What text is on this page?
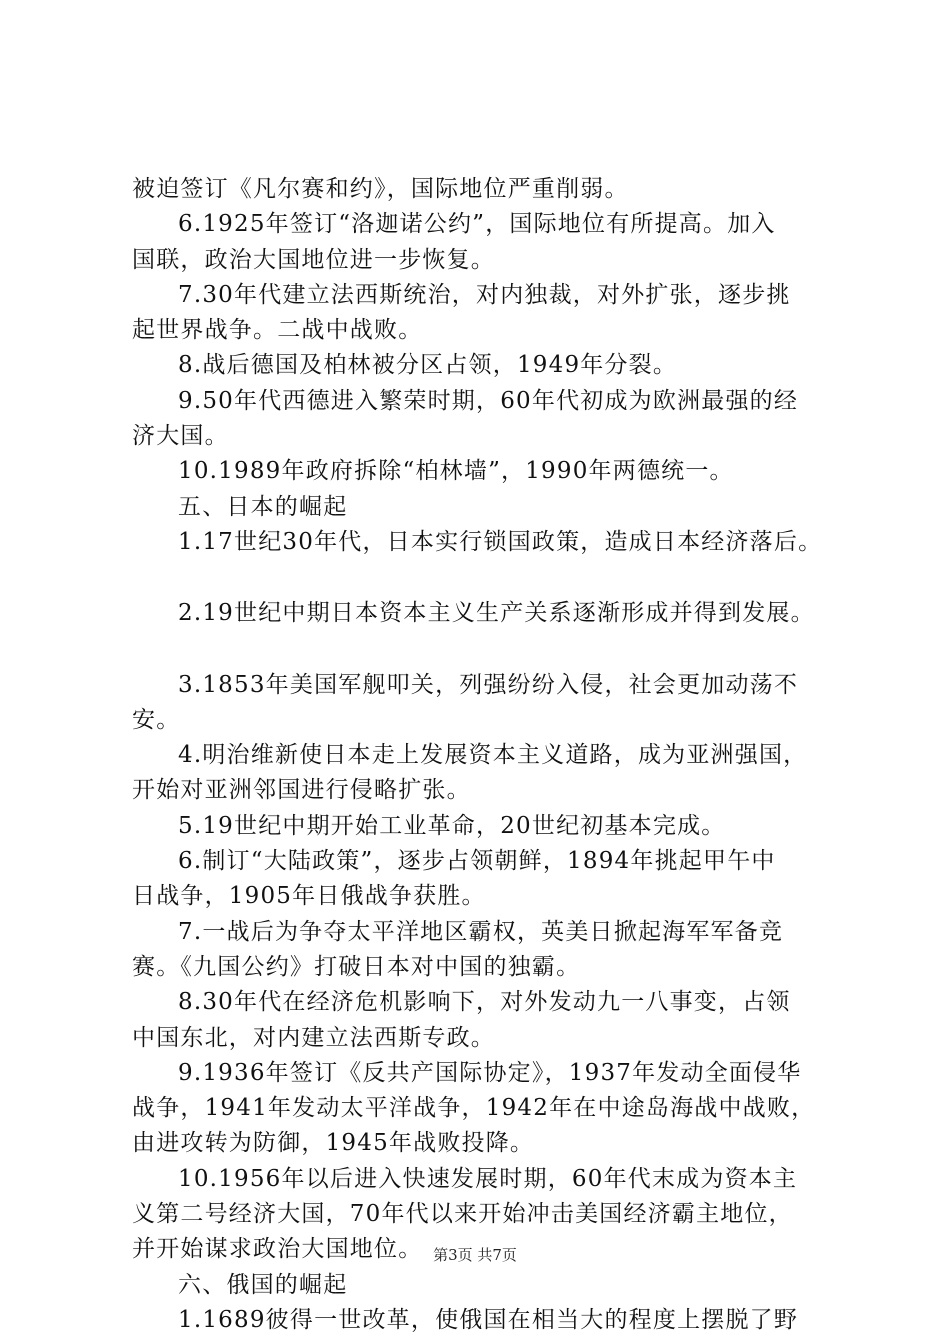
被迫签订《凡尔赛和约》，国际地位严重削弱。
6.1925年签订“洛迦诺公约”，国际地位有所提高。加入
国联，政治大国地位进一步恢复。
7.30年代建立法西斯统治，对内独裁，对外扩张，逐步挑
起世界战争。二战中战败。
8.战后德国及柏林被分区占领，1949年分裂。
9.50年代西德进入繁荣时期，60年代初成为欧洲最强的经
济大国。
10.1989年政府拆除“柏林墙”，1990年两德统一。
五、日本的崛起
1.17世纪30年代，日本实行锁国政策，造成日本经济落后。
2.19世纪中期日本资本主义生产关系逐渐形成并得到发展。
3.1853年美国军舰叩关，列强纷纷入侵，社会更加动荡不
安。
4.明治维新使日本走上发展资本主义道路，成为亚洲强国，
开始对亚洲邻国进行侵略扩张。
5.19世纪中期开始工业革命，20世纪初基本完成。
6.制订“大陆政策”，逐步占领朝鲜，1894年挑起甲午中
日战争，1905年日俄战争获胜。
7.一战后为争夺太平洋地区霸权，英美日掀起海军军备竞
赛。《九国公约》打破日本对中国的独霸。
8.30年代在经济危机影响下，对外发动九一八事变，占领
中国东北，对内建立法西斯专政。
9.1936年签订《反共产国际协定》，1937年发动全面侵华
战争，1941年发动太平洋战争，1942年在中途岛海战中战败，
由进攻转为防御，1945年战败投降。
10.1956年以后进入快速发展时期，60年代末成为资本主
义第二号经济大国，70年代以来开始冲击美国经济霸主地位，
并开始谋求政治大国地位。
六、俄国的崛起
1.1689彼得一世改革，使俄国在相当大的程度上摆脱了野
第3页 共7页
